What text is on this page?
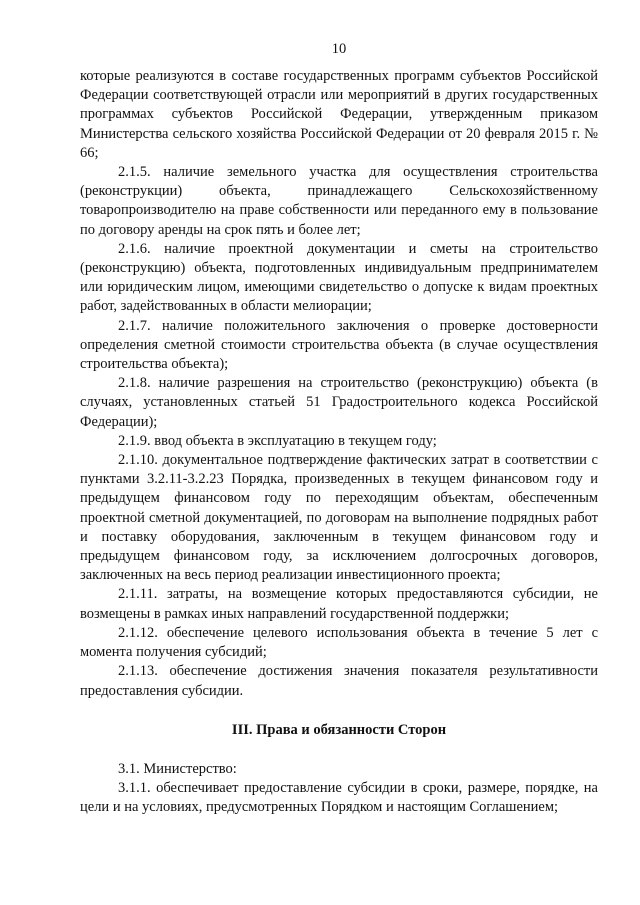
10

которые реализуются в составе государственных программ субъектов Российской Федерации соответствующей отрасли или мероприятий в других государственных программах субъектов Российской Федерации, утвержденным приказом Министерства сельского хозяйства Российской Федерации от 20 февраля 2015 г. № 66;

2.1.5. наличие земельного участка для осуществления строительства (реконструкции) объекта, принадлежащего Сельскохозяйственному товаропроизводителю на праве собственности или переданного ему в пользование по договору аренды на срок пять и более лет;

2.1.6. наличие проектной документации и сметы на строительство (реконструкцию) объекта, подготовленных индивидуальным предпринимателем или юридическим лицом, имеющими свидетельство о допуске к видам проектных работ, задействованных в области мелиорации;

2.1.7. наличие положительного заключения о проверке достоверности определения сметной стоимости строительства объекта (в случае осуществления строительства объекта);

2.1.8. наличие разрешения на строительство (реконструкцию) объекта (в случаях, установленных статьей 51 Градостроительного кодекса Российской Федерации);

2.1.9. ввод объекта в эксплуатацию в текущем году;

2.1.10. документальное подтверждение фактических затрат в соответствии с пунктами 3.2.11-3.2.23 Порядка, произведенных в текущем финансовом году и предыдущем финансовом году по переходящим объектам, обеспеченным проектной сметной документацией, по договорам на выполнение подрядных работ и поставку оборудования, заключенным в текущем финансовом году и предыдущем финансовом году, за исключением долгосрочных договоров, заключенных на весь период реализации инвестиционного проекта;

2.1.11. затраты, на возмещение которых предоставляются субсидии, не возмещены в рамках иных направлений государственной поддержки;

2.1.12. обеспечение целевого использования объекта в течение 5 лет с момента получения субсидий;

2.1.13. обеспечение достижения значения показателя результативности предоставления субсидии.

III. Права и обязанности Сторон

3.1. Министерство:

3.1.1. обеспечивает предоставление субсидии в сроки, размере, порядке, на цели и на условиях, предусмотренных Порядком и настоящим Соглашением;
